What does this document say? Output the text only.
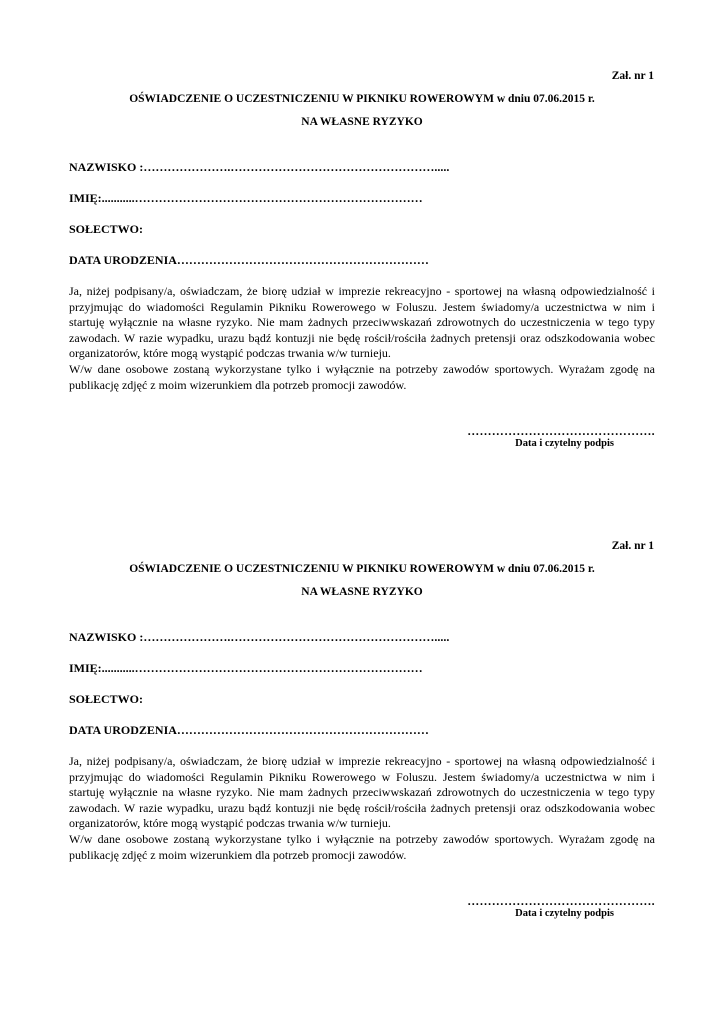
Zał. nr 1
OŚWIADCZENIE O UCZESTNICZENIU W PIKNIKU ROWEROWYM w dniu 07.06.2015 r.
NA WŁASNE RYZYKO
NAZWISKO :………………….…………………………………………….....
IMIĘ:...........………………………………………………………………
SOŁECTWO:
DATA URODZENIA………………………………………………………

Ja, niżej podpisany/a, oświadczam, że biorę udział w imprezie rekreacyjno - sportowej na własną odpowiedzialność i przyjmując do wiadomości Regulamin Pikniku Rowerowego w Foluszu. Jestem świadomy/a uczestnictwa w nim i startuję wyłącznie na własne ryzyko. Nie mam żadnych przeciwwskazań zdrowotnych do uczestniczenia w tego typy zawodach. W razie wypadku, urazu bądź kontuzji nie będę rościł/rościła żadnych pretensji oraz odszkodowania wobec organizatorów, które mogą wystąpić podczas trwania w/w turnieju.

W/w dane osobowe zostaną wykorzystane tylko i wyłącznie na potrzeby zawodów sportowych. Wyrażam zgodę na publikację zdjęć z moim wizerunkiem dla potrzeb promocji zawodów.

……………………………………….
Data i czytelny podpis
Zał. nr 1
OŚWIADCZENIE O UCZESTNICZENIU W PIKNIKU ROWEROWYM w dniu 07.06.2015 r.
NA WŁASNE RYZYKO
NAZWISKO :………………….…………………………………………….....
IMIĘ:...........………………………………………………………………
SOŁECTWO:
DATA URODZENIA………………………………………………………

Ja, niżej podpisany/a, oświadczam, że biorę udział w imprezie rekreacyjno - sportowej na własną odpowiedzialność i przyjmując do wiadomości Regulamin Pikniku Rowerowego w Foluszu. Jestem świadomy/a uczestnictwa w nim i startuję wyłącznie na własne ryzyko. Nie mam żadnych przeciwwskazań zdrowotnych do uczestniczenia w tego typy zawodach. W razie wypadku, urazu bądź kontuzji nie będę rościł/rościła żadnych pretensji oraz odszkodowania wobec organizatorów, które mogą wystąpić podczas trwania w/w turnieju.

W/w dane osobowe zostaną wykorzystane tylko i wyłącznie na potrzeby zawodów sportowych. Wyrażam zgodę na publikację zdjęć z moim wizerunkiem dla potrzeb promocji zawodów.

……………………………………….
Data i czytelny podpis
